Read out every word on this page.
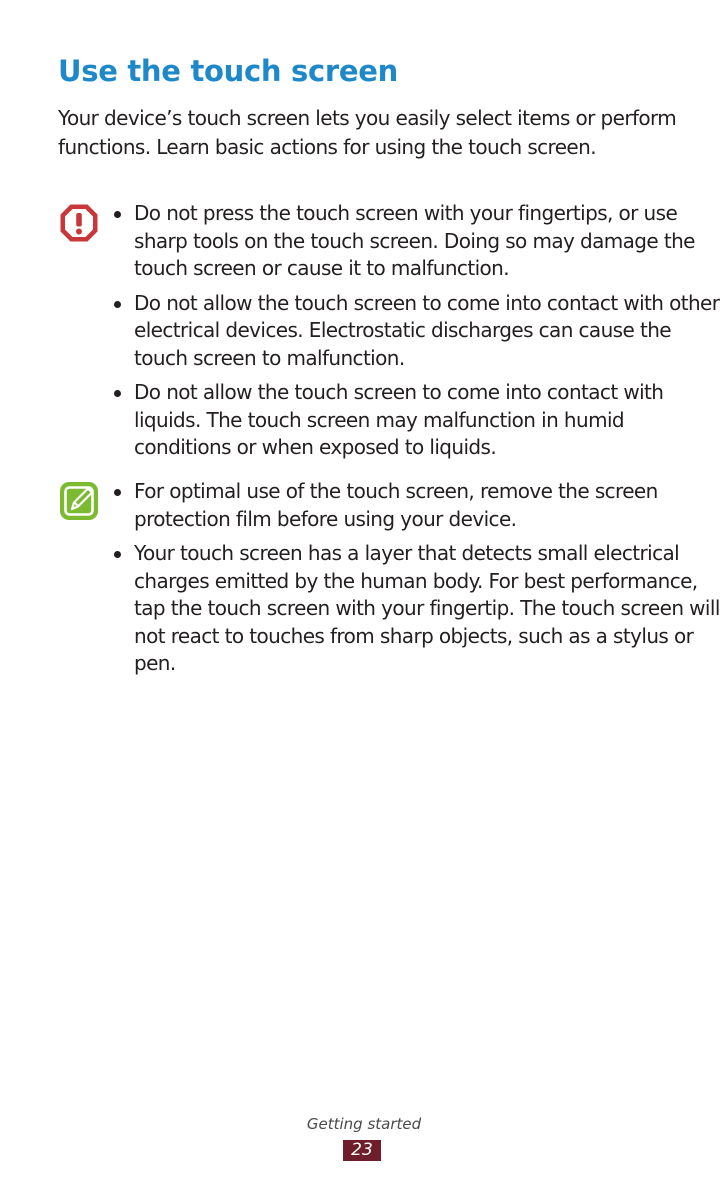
Use the touch screen
Your device’s touch screen lets you easily select items or perform functions. Learn basic actions for using the touch screen.
Do not press the touch screen with your fingertips, or use sharp tools on the touch screen. Doing so may damage the touch screen or cause it to malfunction.
Do not allow the touch screen to come into contact with other electrical devices. Electrostatic discharges can cause the touch screen to malfunction.
Do not allow the touch screen to come into contact with liquids. The touch screen may malfunction in humid conditions or when exposed to liquids.
For optimal use of the touch screen, remove the screen protection film before using your device.
Your touch screen has a layer that detects small electrical charges emitted by the human body. For best performance, tap the touch screen with your fingertip. The touch screen will not react to touches from sharp objects, such as a stylus or pen.
Getting started
23
